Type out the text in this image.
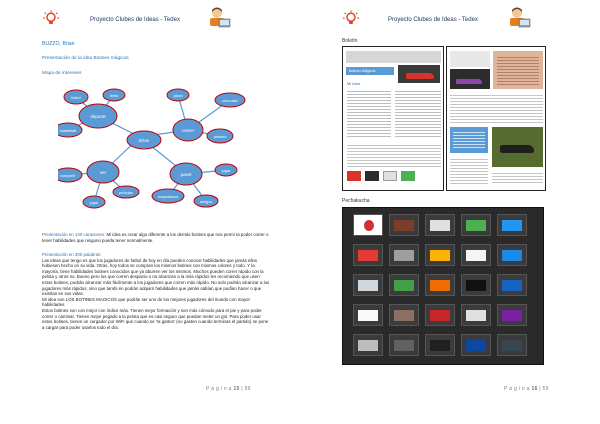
Proyecto Clubes de Ideas - Tedex
BUZZO, Brian
Presentación de la idea Botines mágicos
Mapa de intereses
Brian
deporte
comer
ver	pavel
futbol	tenis
basketball
pizza
chocolate
postres
jugar
computadora
amigos
compartir
jugar
películas
Presentación en 140 caracteres: Mi idea es crear algo diferente a los demás botines que nos permi ta poder correr o tener habilidades que ninguno pueda tener normalmente.
Presentación en 200 palabras:
Las ideas que tengo es que los jugadores de futbol de hoy en día pueden conocer habilidades que jamás ellos hubiesen hecho en su vida. Otras, hoy todos se compran los mismos botines con mismos colores y todo. Y la mayoría, tiene habilidades botines conocidos que ya aburren ver los mismos. Muchos pueden correr rápido con la pelota y otros no. Bueno pero los que corren despacio o no alcanzan a la más rápidos les recomiendo que usen estos botines, podrán alcanzar más fácilmente a los jugadores que corren más rápido. No solo podrán alcanzar a los jugadores más rápidos, sino que tambi én podrán adquirir habilidades que jamás sabían que podían hacer o que existían en sus vidas.
Mi idea son LOS BOTINES MAGICOS que podrán ser uno de los mejores jugadores del mundo con mayor habilidades.
Estos botines son con mejor con índice más. Tienen mejor formación y son más cómodo para el pie y para poder correr o caminar. Tienen mejor pegado a la pelota que es casi seguro que puedan meter un gol. Para poder usar estos botines, tienen un cargador por WiFi que cuando se 'ra garten' (no gasten cuando terminas el partido) se pone a cargar para poder usarlos todo el día.
P á g i n a 15 | 59
Proyecto Clubes de Ideas - Tedex
Boletín
Botines Mágicos
Mi idea
Pechakucha
P á g i n a 16 | 59
